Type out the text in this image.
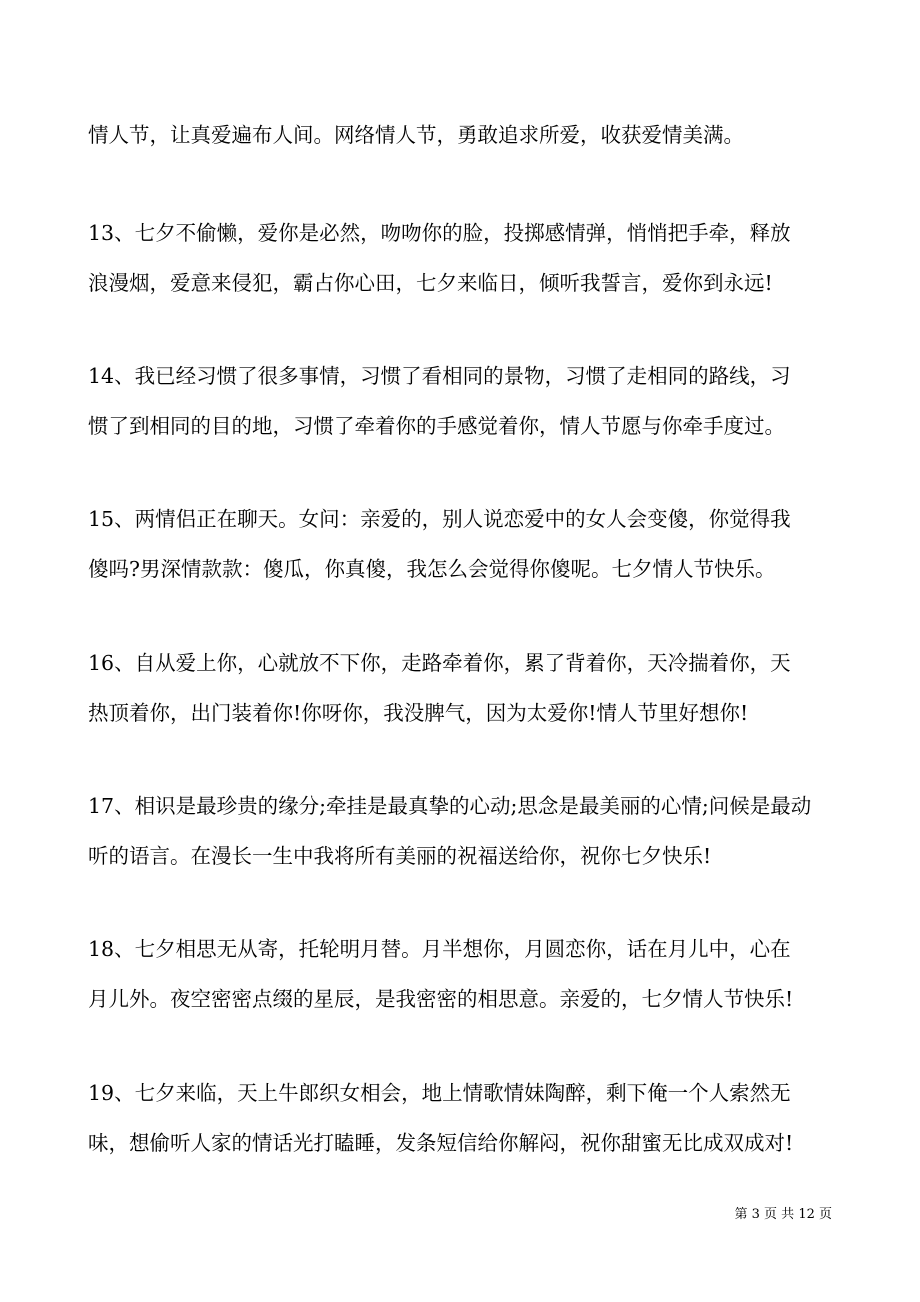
情人节，让真爱遍布人间。网络情人节，勇敢追求所爱，收获爱情美满。
13、七夕不偷懒，爱你是必然，吻吻你的脸，投掷感情弹，悄悄把手牵，释放
浪漫烟，爱意来侵犯，霸占你心田，七夕来临日，倾听我誓言，爱你到永远!
14、我已经习惯了很多事情，习惯了看相同的景物，习惯了走相同的路线，习
惯了到相同的目的地，习惯了牵着你的手感觉着你，情人节愿与你牵手度过。
15、两情侣正在聊天。女问：亲爱的，别人说恋爱中的女人会变傻，你觉得我
傻吗?男深情款款：傻瓜，你真傻，我怎么会觉得你傻呢。七夕情人节快乐。
16、自从爱上你，心就放不下你，走路牵着你，累了背着你，天冷揣着你，天
热顶着你，出门装着你!你呀你，我没脾气，因为太爱你!情人节里好想你!
17、相识是最珍贵的缘分;牵挂是最真挚的心动;思念是最美丽的心情;问候是最动
听的语言。在漫长一生中我将所有美丽的祝福送给你，祝你七夕快乐!
18、七夕相思无从寄，托轮明月替。月半想你，月圆恋你，话在月儿中，心在
月儿外。夜空密密点缀的星辰，是我密密的相思意。亲爱的，七夕情人节快乐!
19、七夕来临，天上牛郎织女相会，地上情歌情妹陶醉，剩下俺一个人索然无
味，想偷听人家的情话光打瞌睡，发条短信给你解闷，祝你甜蜜无比成双成对!
第 3 页 共 12 页
